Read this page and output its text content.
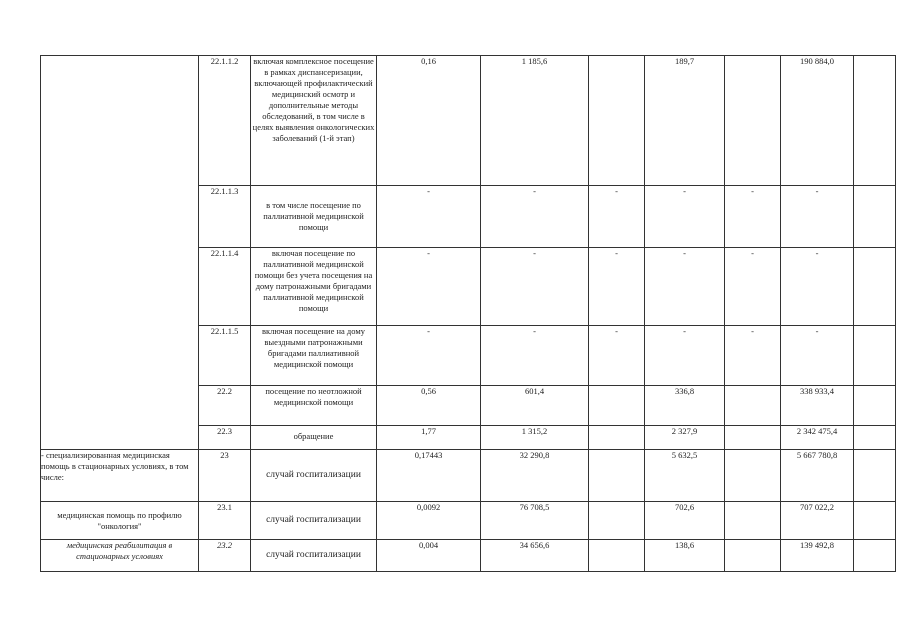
	22.1.1.2	включая комплексное посещение в рамках диспансеризации, включающей профилактический медицинский осмотр и дополнительные методы обследований, в том числе в целях выявления онкологических заболеваний (1-й этап)	0,16	1 185,6		189,7		190 884,0	
	22.1.1.3	в том числе посещение по паллиативной медицинской помощи	-	-	-	-	-	-	
	22.1.1.4	включая посещение по паллиативной медицинской помощи без учета посещения на дому патронажными бригадами паллиативной медицинской помощи	-	-	-	-	-	-	
	22.1.1.5	включая посещение на дому выездными патронажными бригадами паллиативной медицинской помощи	-	-	-	-	-	-	
	22.2	посещение по неотложной медицинской помощи	0,56	601,4		336,8		338 933,4	
	22.3	обращение	1,77	1 315,2		2 327,9		2 342 475,4	
- специализированная медицинская помощь в стационарных условиях, в том числе:	23	случай госпитализации	0,17443	32 290,8		5 632,5		5 667 780,8	
медицинская помощь по профилю "онкология"	23.1	случай госпитализации	0,0092	76 708,5		702,6		707 022,2	
медицинская реабилитация в стационарных условиях	23.2	случай госпитализации	0,004	34 656,6		138,6		139 492,8	
